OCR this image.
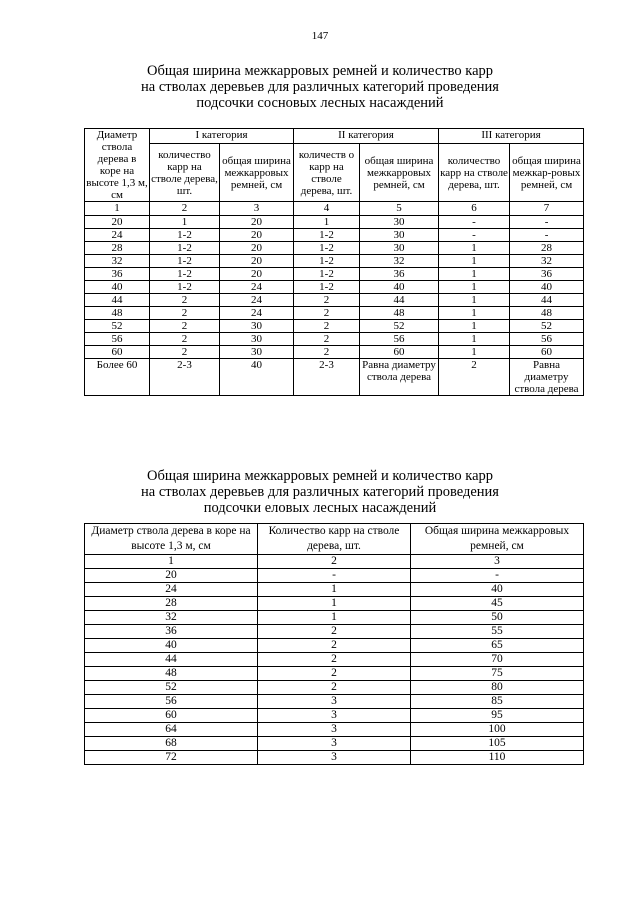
147
Общая ширина межкарровых ремней и количество карр
на стволах деревьев для различных категорий проведения
подсочки сосновых лесных насаждений
Диаметр ствола дерева в коре на высоте 1,3 м, см	I категория		II категория		III категория	
	количество карр на стволе дерева, шт.	общая ширина межкарровых ремней, см	количеств о карр на стволе дерева, шт.	общая ширина межкарровых ремней, см	количество карр на стволе дерева, шт.	общая ширина межкар-ровых ремней, см
1	2	3	4	5	6	7
20	1	20	1	30	-	-
24	1-2	20	1-2	30	-	-
28	1-2	20	1-2	30	1	28
32	1-2	20	1-2	32	1	32
36	1-2	20	1-2	36	1	36
40	1-2	24	1-2	40	1	40
44	2	24	2	44	1	44
48	2	24	2	48	1	48
52	2	30	2	52	1	52
56	2	30	2	56	1	56
60	2	30	2	60	1	60
Более 60	2-3	40	2-3	Равна диаметру ствола дерева	2	Равна диаметру ствола дерева
Общая ширина межкарровых ремней и количество карр
на стволах деревьев для различных категорий проведения
подсочки еловых лесных насаждений
Диаметр ствола дерева в коре на высоте 1,3 м, см	Количество карр на стволе дерева, шт.	Общая ширина межкарровых ремней, см
1	2	3
20	-	-
24	1	40
28	1	45
32	1	50
36	2	55
40	2	65
44	2	70
48	2	75
52	2	80
56	3	85
60	3	95
64	3	100
68	3	105
72	3	110
